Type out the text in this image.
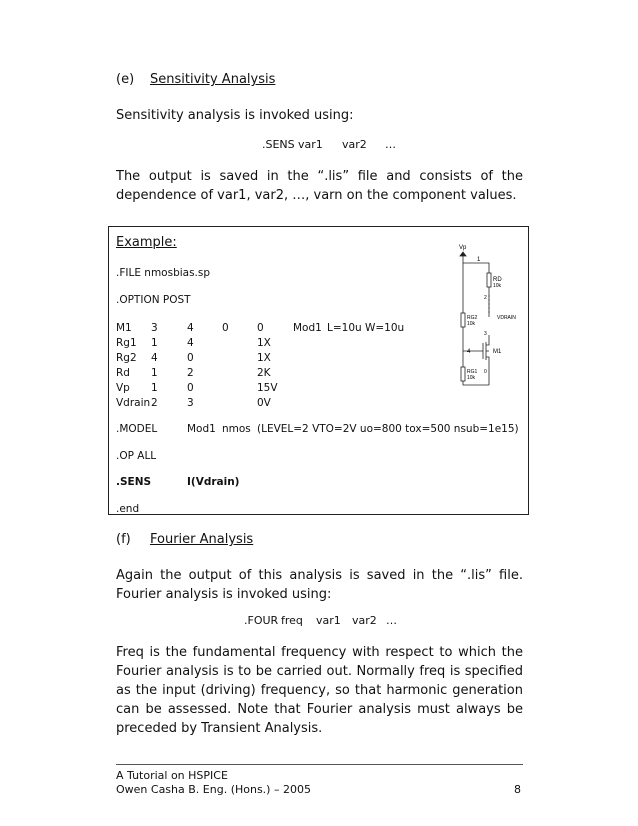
(e) Sensitivity Analysis
Sensitivity analysis is invoked using:
.SENS var1 var2 …
The output is saved in the “.lis” file and consists of the dependence of var1, var2, …, varn on the component values.
Example:
.FILE nmosbias.sp
.OPTION POST
M1 3	4	0	0	Mod1 L=10u W=10u
Rg1 1	4	1X
Rg2 4	0	1X
Rd 1	2	2K
Vp 1	0	15V
Vdrain 2	3	0V
.MODEL	Mod1 nmos (LEVEL=2 VTO=2V uo=800 tox=500 nsub=1e15)
.OP ALL
.SENS	I(Vdrain)
.end
Vp
1
RD
10k
2
RG2
10k
VDRAIN
3
4	M1
RG1
10k
0
(f) Fourier Analysis
Again the output of this analysis is saved in the “.lis” file. Fourier analysis is invoked using:
.FOUR freq var1 var2 …
Freq is the fundamental frequency with respect to which the Fourier analysis is to be carried out. Normally freq is specified as the input (driving) frequency, so that harmonic generation can be assessed. Note that Fourier analysis must always be preceded by Transient Analysis.
A Tutorial on HSPICE
Owen Casha B. Eng. (Hons.) – 2005	8
